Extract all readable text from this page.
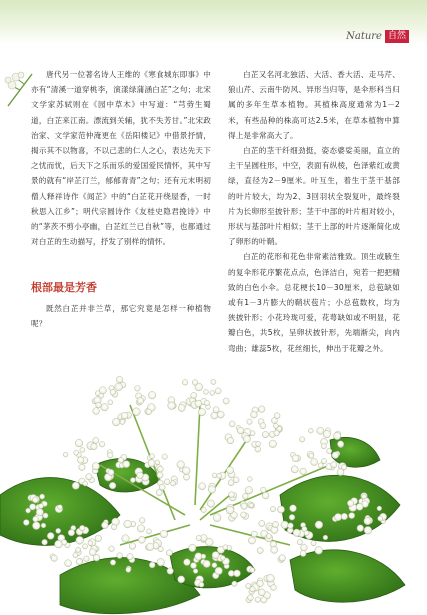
Nature 自然

唐代另一位著名诗人王维的《寒食城东即事》中亦有“清溪一道穿桃李，演漾绿蒲涵白芷”之句；北宋文学家苏轼则在《园中草木》中写道：“芎䓖生蜀道，白芷来江南。漂流到关辅，犹不失芳甘。”北宋政治家、文学家范仲淹更在《岳阳楼记》中借景抒情，揭示其不以物喜，不以己悲的仁人之心，表达先天下之忧而忧，后天下之乐而乐的爱国爱民情怀，其中写景的就有“岸芷汀兰，郁郁青青”之句；还有元末明初僧人释祥诗作《闻芷》中的“白芷花开绕屋香，一时秋思入江乡”；明代宗圆诗作《友桂史隐君挽诗》中的“茅茨不剪小亭幽，白芷红兰已自秋”等，也都通过对白芷的生动描写，抒发了别样的情怀。

根部最是芳香

既然白芷并非兰草，那它究竟是怎样一种植物呢？

白芷又名河北独活、大活、香大活、走马芹、狼山芹、云南牛防风、异形当归等，是伞形科当归属的多年生草本植物。其植株高度通常为1－2米，有些品种的株高可达2.5米，在草本植物中算得上是非常高大了。

白芷的茎干纤细劲挺，姿态婆娑美丽，直立的主干呈圆柱形，中空，表面有纵棱，色泽紫红或黄绿，直径为2－9厘米。叶互生，着生于茎干基部的叶片较大，均为2、3回羽状全裂复叶，最终裂片为长卵形至披针形；茎干中部的叶片相对较小，形状与基部叶片相似；茎干上部的叶片逐渐简化成了卵形的叶鞘。

白芷的花形和花色非常素洁雅致。顶生或腋生的复伞形花序繁花点点，色泽洁白，宛若一把把精致的白色小伞。总花梗长10－30厘米，总苞缺如或有1－3片膨大的鞘状苞片；小总苞数枚，均为狭披针形；小花玲珑可爱，花萼缺如或不明显，花瓣白色，共5枚，呈卵状披针形，先端渐尖，向内弯曲；雄蕊5枚，花丝细长，伸出于花瓣之外。
